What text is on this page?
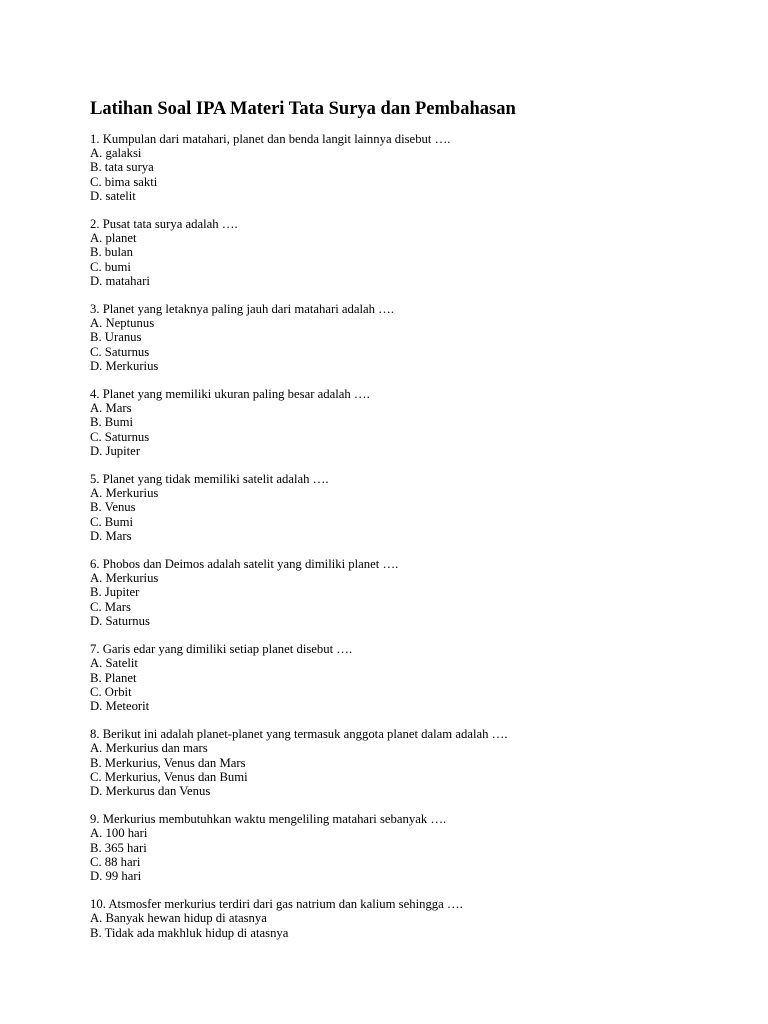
Latihan Soal IPA Materi Tata Surya dan Pembahasan
1. Kumpulan dari matahari, planet dan benda langit lainnya disebut ….
A. galaksi
B. tata surya
C. bima sakti
D. satelit
2. Pusat tata surya adalah ….
A. planet
B. bulan
C. bumi
D. matahari
3. Planet yang letaknya paling jauh dari matahari adalah ….
A. Neptunus
B. Uranus
C. Saturnus
D. Merkurius
4. Planet yang memiliki ukuran paling besar adalah ….
A. Mars
B. Bumi
C. Saturnus
D. Jupiter
5. Planet yang tidak memiliki satelit adalah ….
A. Merkurius
B. Venus
C. Bumi
D. Mars
6. Phobos dan Deimos adalah satelit yang dimiliki planet ….
A. Merkurius
B. Jupiter
C. Mars
D. Saturnus
7. Garis edar yang dimiliki setiap planet disebut ….
A. Satelit
B. Planet
C. Orbit
D. Meteorit
8. Berikut ini adalah planet-planet yang termasuk anggota planet dalam adalah ….
A. Merkurius dan mars
B. Merkurius, Venus dan Mars
C. Merkurius, Venus dan Bumi
D. Merkurus dan Venus
9. Merkurius membutuhkan waktu mengeliling matahari sebanyak ….
A. 100 hari
B. 365 hari
C. 88 hari
D. 99 hari
10. Atsmosfer merkurius terdiri dari gas natrium dan kalium sehingga ….
A. Banyak hewan hidup di atasnya
B. Tidak ada makhluk hidup di atasnya
